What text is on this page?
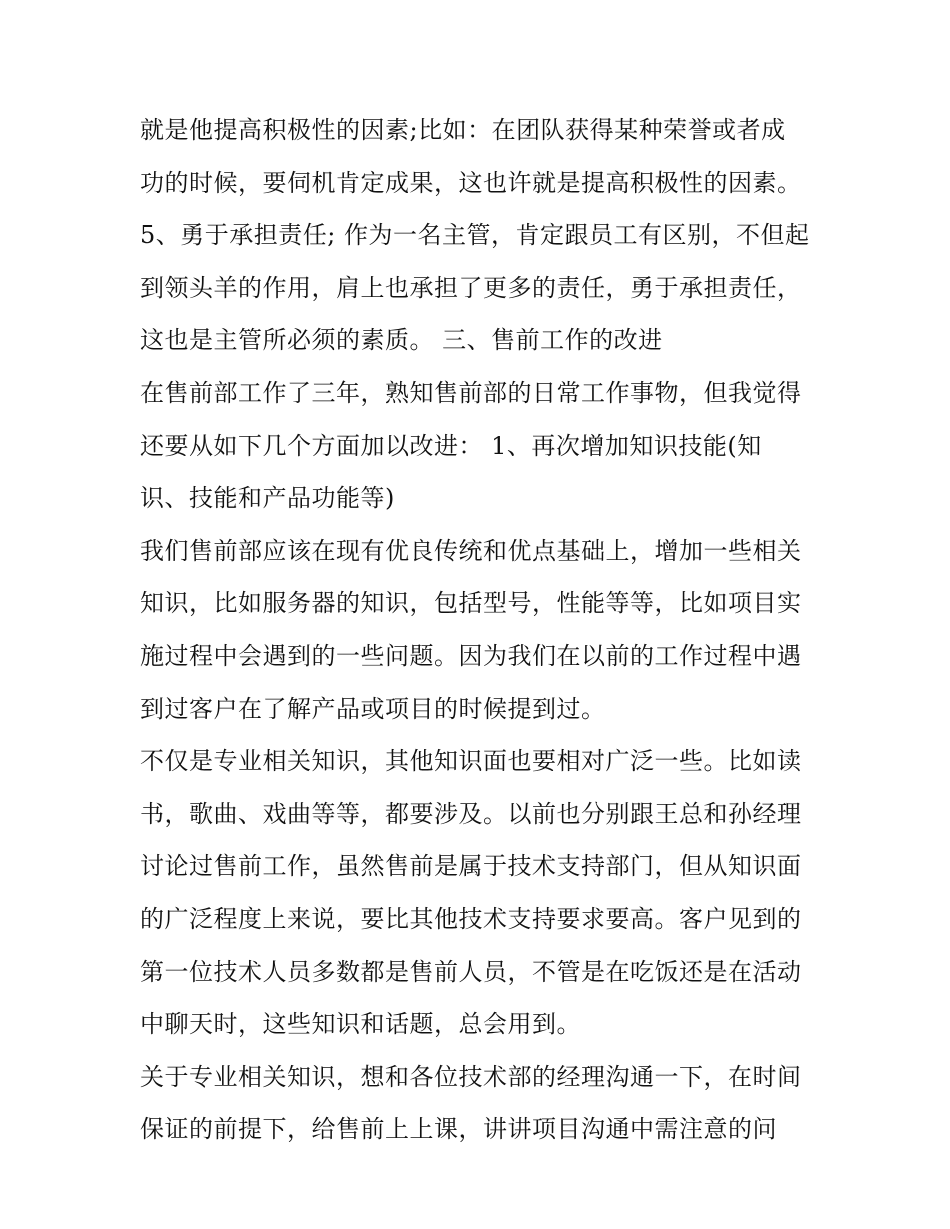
就是他提高积极性的因素;比如：在团队获得某种荣誉或者成
功的时候，要伺机肯定成果，这也许就是提高积极性的因素。
5、勇于承担责任; 作为一名主管，肯定跟员工有区别，不但起
到领头羊的作用，肩上也承担了更多的责任，勇于承担责任，
这也是主管所必须的素质。 三、售前工作的改进
在售前部工作了三年，熟知售前部的日常工作事物，但我觉得
还要从如下几个方面加以改进： 1、再次增加知识技能(知
识、技能和产品功能等)
我们售前部应该在现有优良传统和优点基础上，增加一些相关
知识，比如服务器的知识，包括型号，性能等等，比如项目实
施过程中会遇到的一些问题。因为我们在以前的工作过程中遇
到过客户在了解产品或项目的时候提到过。
不仅是专业相关知识，其他知识面也要相对广泛一些。比如读
书，歌曲、戏曲等等，都要涉及。以前也分别跟王总和孙经理
讨论过售前工作，虽然售前是属于技术支持部门，但从知识面
的广泛程度上来说，要比其他技术支持要求要高。客户见到的
第一位技术人员多数都是售前人员，不管是在吃饭还是在活动
中聊天时，这些知识和话题，总会用到。
关于专业相关知识，想和各位技术部的经理沟通一下，在时间
保证的前提下，给售前上上课，讲讲项目沟通中需注意的问
